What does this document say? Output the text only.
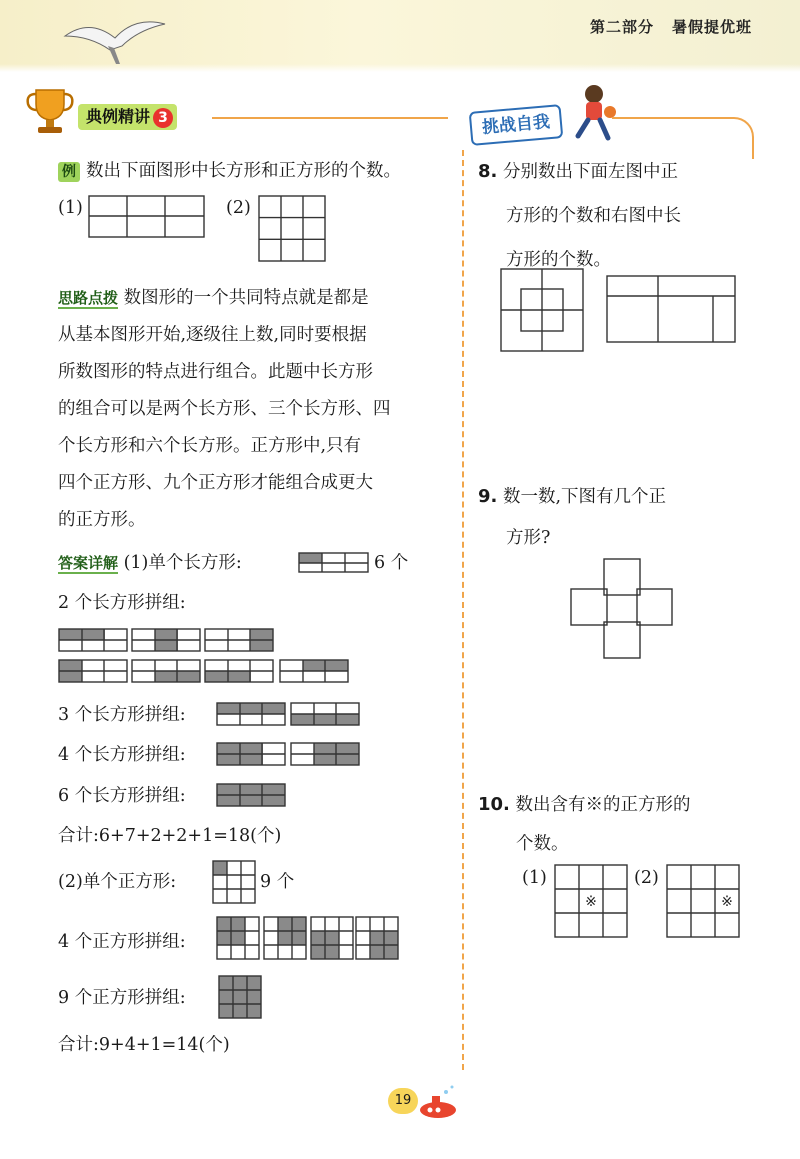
第二部分 暑假提优班
典例精讲 3	挑战自我
例 数出下面图形中长方形和正方形的个数。
(1)	(2)
思路点拨 数图形的一个共同特点就是都是
从基本图形开始,逐级往上数,同时要根据
所数图形的特点进行组合。此题中长方形
的组合可以是两个长方形、三个长方形、四
个长方形和六个长方形。正方形中,只有
四个正方形、九个正方形才能组合成更大
的正方形。
答案详解 (1)单个长方形:	6 个
2 个长方形拼组:
3 个长方形拼组:
4 个长方形拼组:
6 个长方形拼组:
合计:6+7+2+2+1=18(个)
(2)单个正方形:	9 个
4 个正方形拼组:
9 个正方形拼组:
合计:9+4+1=14(个)
8. 分别数出下面左图中正
方形的个数和右图中长
方形的个数。
9. 数一数,下图有几个正
方形?
10. 数出含有※的正方形的
个数。
(1)
※
(2)
※
19
